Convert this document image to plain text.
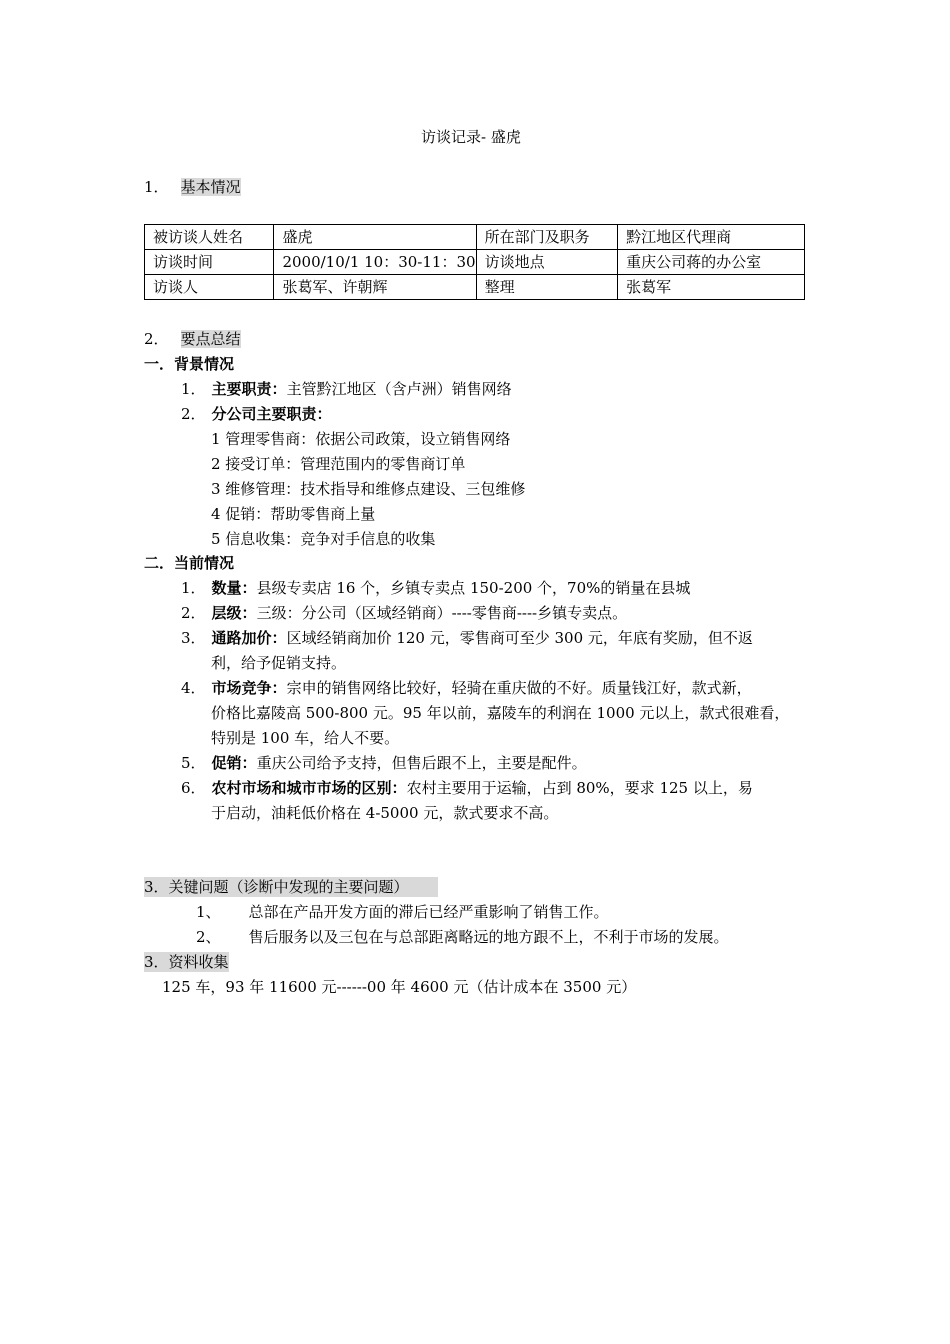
访谈记录- 盛虎
1． 基本情况
被访谈人姓名	盛虎	所在部门及职务	黔江地区代理商
访谈时间	2000/10/1 10：30-11：30	访谈地点	重庆公司蒋的办公室
访谈人	张葛军、许朝辉	整理	张葛军
2． 要点总结
一．背景情况
1． 主要职责：主管黔江地区（含卢洲）销售网络
2． 分公司主要职责：
1 管理零售商：依据公司政策，设立销售网络
2 接受订单：管理范围内的零售商订单
3 维修管理：技术指导和维修点建设、三包维修
4 促销：帮助零售商上量
5 信息收集：竞争对手信息的收集
二．当前情况
1． 数量：县级专卖店 16 个，乡镇专卖点 150-200 个，70%的销量在县城
2． 层级：三级：分公司（区域经销商）----零售商----乡镇专卖点。
3． 通路加价：区域经销商加价 120 元，零售商可至少 300 元，年底有奖励，但不返
利，给予促销支持。
4． 市场竞争：宗申的销售网络比较好，轻骑在重庆做的不好。质量钱江好，款式新，
价格比嘉陵高 500-800 元。95 年以前，嘉陵车的利润在 1000 元以上，款式很难看，
特别是 100 车，给人不要。
5． 促销：重庆公司给予支持，但售后跟不上，主要是配件。
6． 农村市场和城市市场的区别：农村主要用于运输，占到 80%，要求 125 以上，易
于启动，油耗低价格在 4-5000 元，款式要求不高。
3．关键问题（诊断中发现的主要问题）
1、 总部在产品开发方面的滞后已经严重影响了销售工作。
2、 售后服务以及三包在与总部距离略远的地方跟不上，不利于市场的发展。
3．资料收集
125 车，93 年 11600 元------00 年 4600 元（估计成本在 3500 元）
